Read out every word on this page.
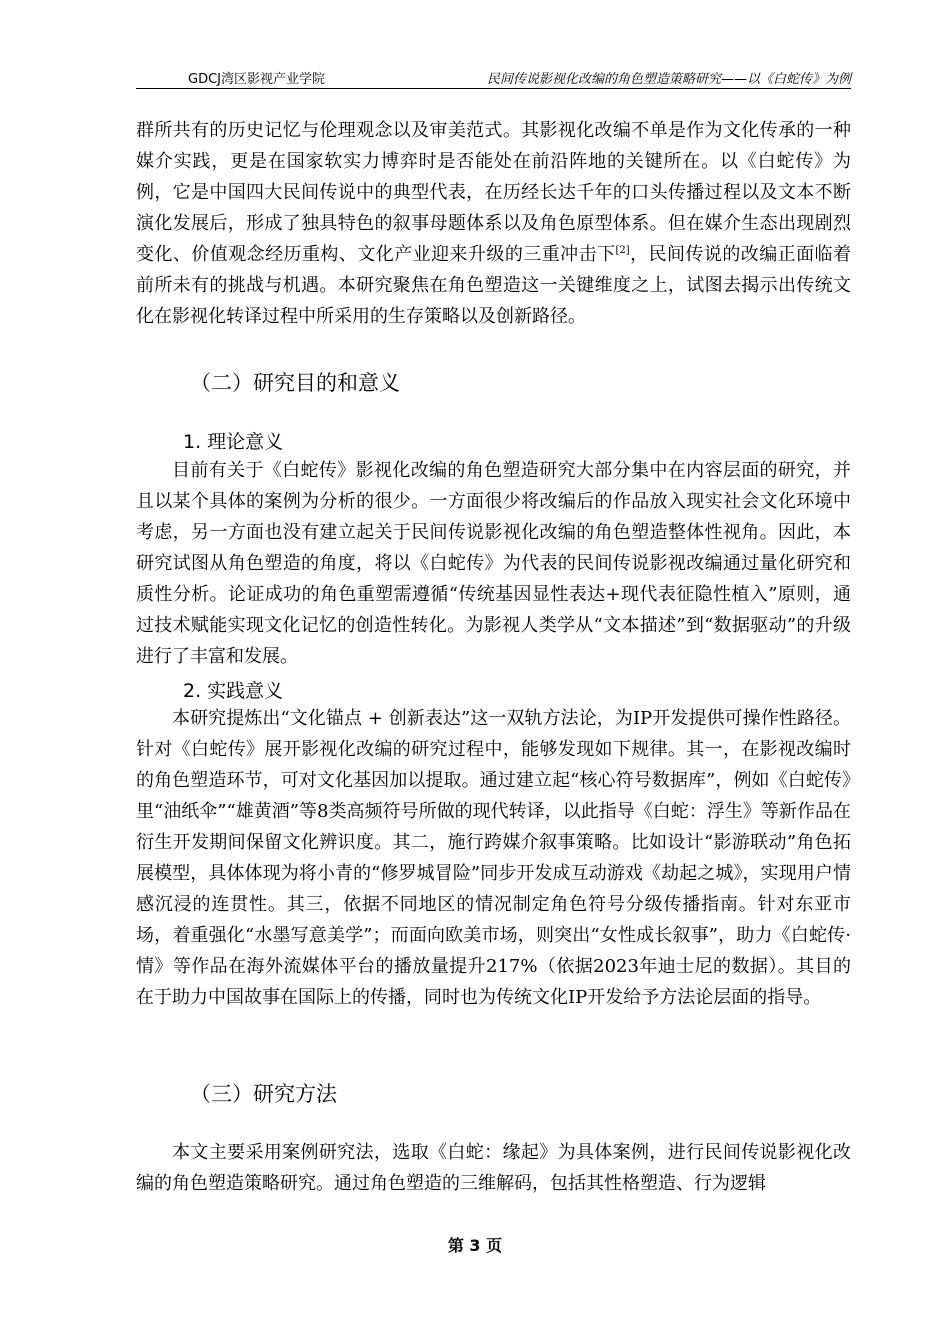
GDCJ湾区影视产业学院	民间传说影视化改编的角色塑造策略研究——以《白蛇传》为例
群所共有的历史记忆与伦理观念以及审美范式。其影视化改编不单是作为文化传承的一种媒介实践，更是在国家软实力博弈时是否能处在前沿阵地的关键所在。以《白蛇传》为例，它是中国四大民间传说中的典型代表，在历经长达千年的口头传播过程以及文本不断演化发展后，形成了独具特色的叙事母题体系以及角色原型体系。但在媒介生态出现剧烈变化、价值观念经历重构、文化产业迎来升级的三重冲击下[2]，民间传说的改编正面临着前所未有的挑战与机遇。本研究聚焦在角色塑造这一关键维度之上，试图去揭示出传统文化在影视化转译过程中所采用的生存策略以及创新路径。
（二）研究目的和意义
1. 理论意义
目前有关于《白蛇传》影视化改编的角色塑造研究大部分集中在内容层面的研究，并且以某个具体的案例为分析的很少。一方面很少将改编后的作品放入现实社会文化环境中考虑，另一方面也没有建立起关于民间传说影视化改编的角色塑造整体性视角。因此，本研究试图从角色塑造的角度，将以《白蛇传》为代表的民间传说影视改编通过量化研究和质性分析。论证成功的角色重塑需遵循“传统基因显性表达+现代表征隐性植入”原则，通过技术赋能实现文化记忆的创造性转化。为影视人类学从“文本描述”到“数据驱动”的升级进行了丰富和发展。
2. 实践意义
本研究提炼出“文化锚点 + 创新表达”这一双轨方法论，为IP开发提供可操作性路径。针对《白蛇传》展开影视化改编的研究过程中，能够发现如下规律。其一，在影视改编时的角色塑造环节，可对文化基因加以提取。通过建立起“核心符号数据库”，例如《白蛇传》里“油纸伞”“雄黄酒”等8类高频符号所做的现代转译，以此指导《白蛇：浮生》等新作品在衍生开发期间保留文化辨识度。其二，施行跨媒介叙事策略。比如设计“影游联动”角色拓展模型，具体体现为将小青的“修罗城冒险”同步开发成互动游戏《劫起之城》，实现用户情感沉浸的连贯性。其三，依据不同地区的情况制定角色符号分级传播指南。针对东亚市场，着重强化“水墨写意美学”；而面向欧美市场，则突出“女性成长叙事”，助力《白蛇传·情》等作品在海外流媒体平台的播放量提升217%（依据2023年迪士尼的数据）。其目的在于助力中国故事在国际上的传播，同时也为传统文化IP开发给予方法论层面的指导。
（三）研究方法
本文主要采用案例研究法，选取《白蛇：缘起》为具体案例，进行民间传说影视化改编的角色塑造策略研究。通过角色塑造的三维解码，包括其性格塑造、行为逻辑
第 3 页
